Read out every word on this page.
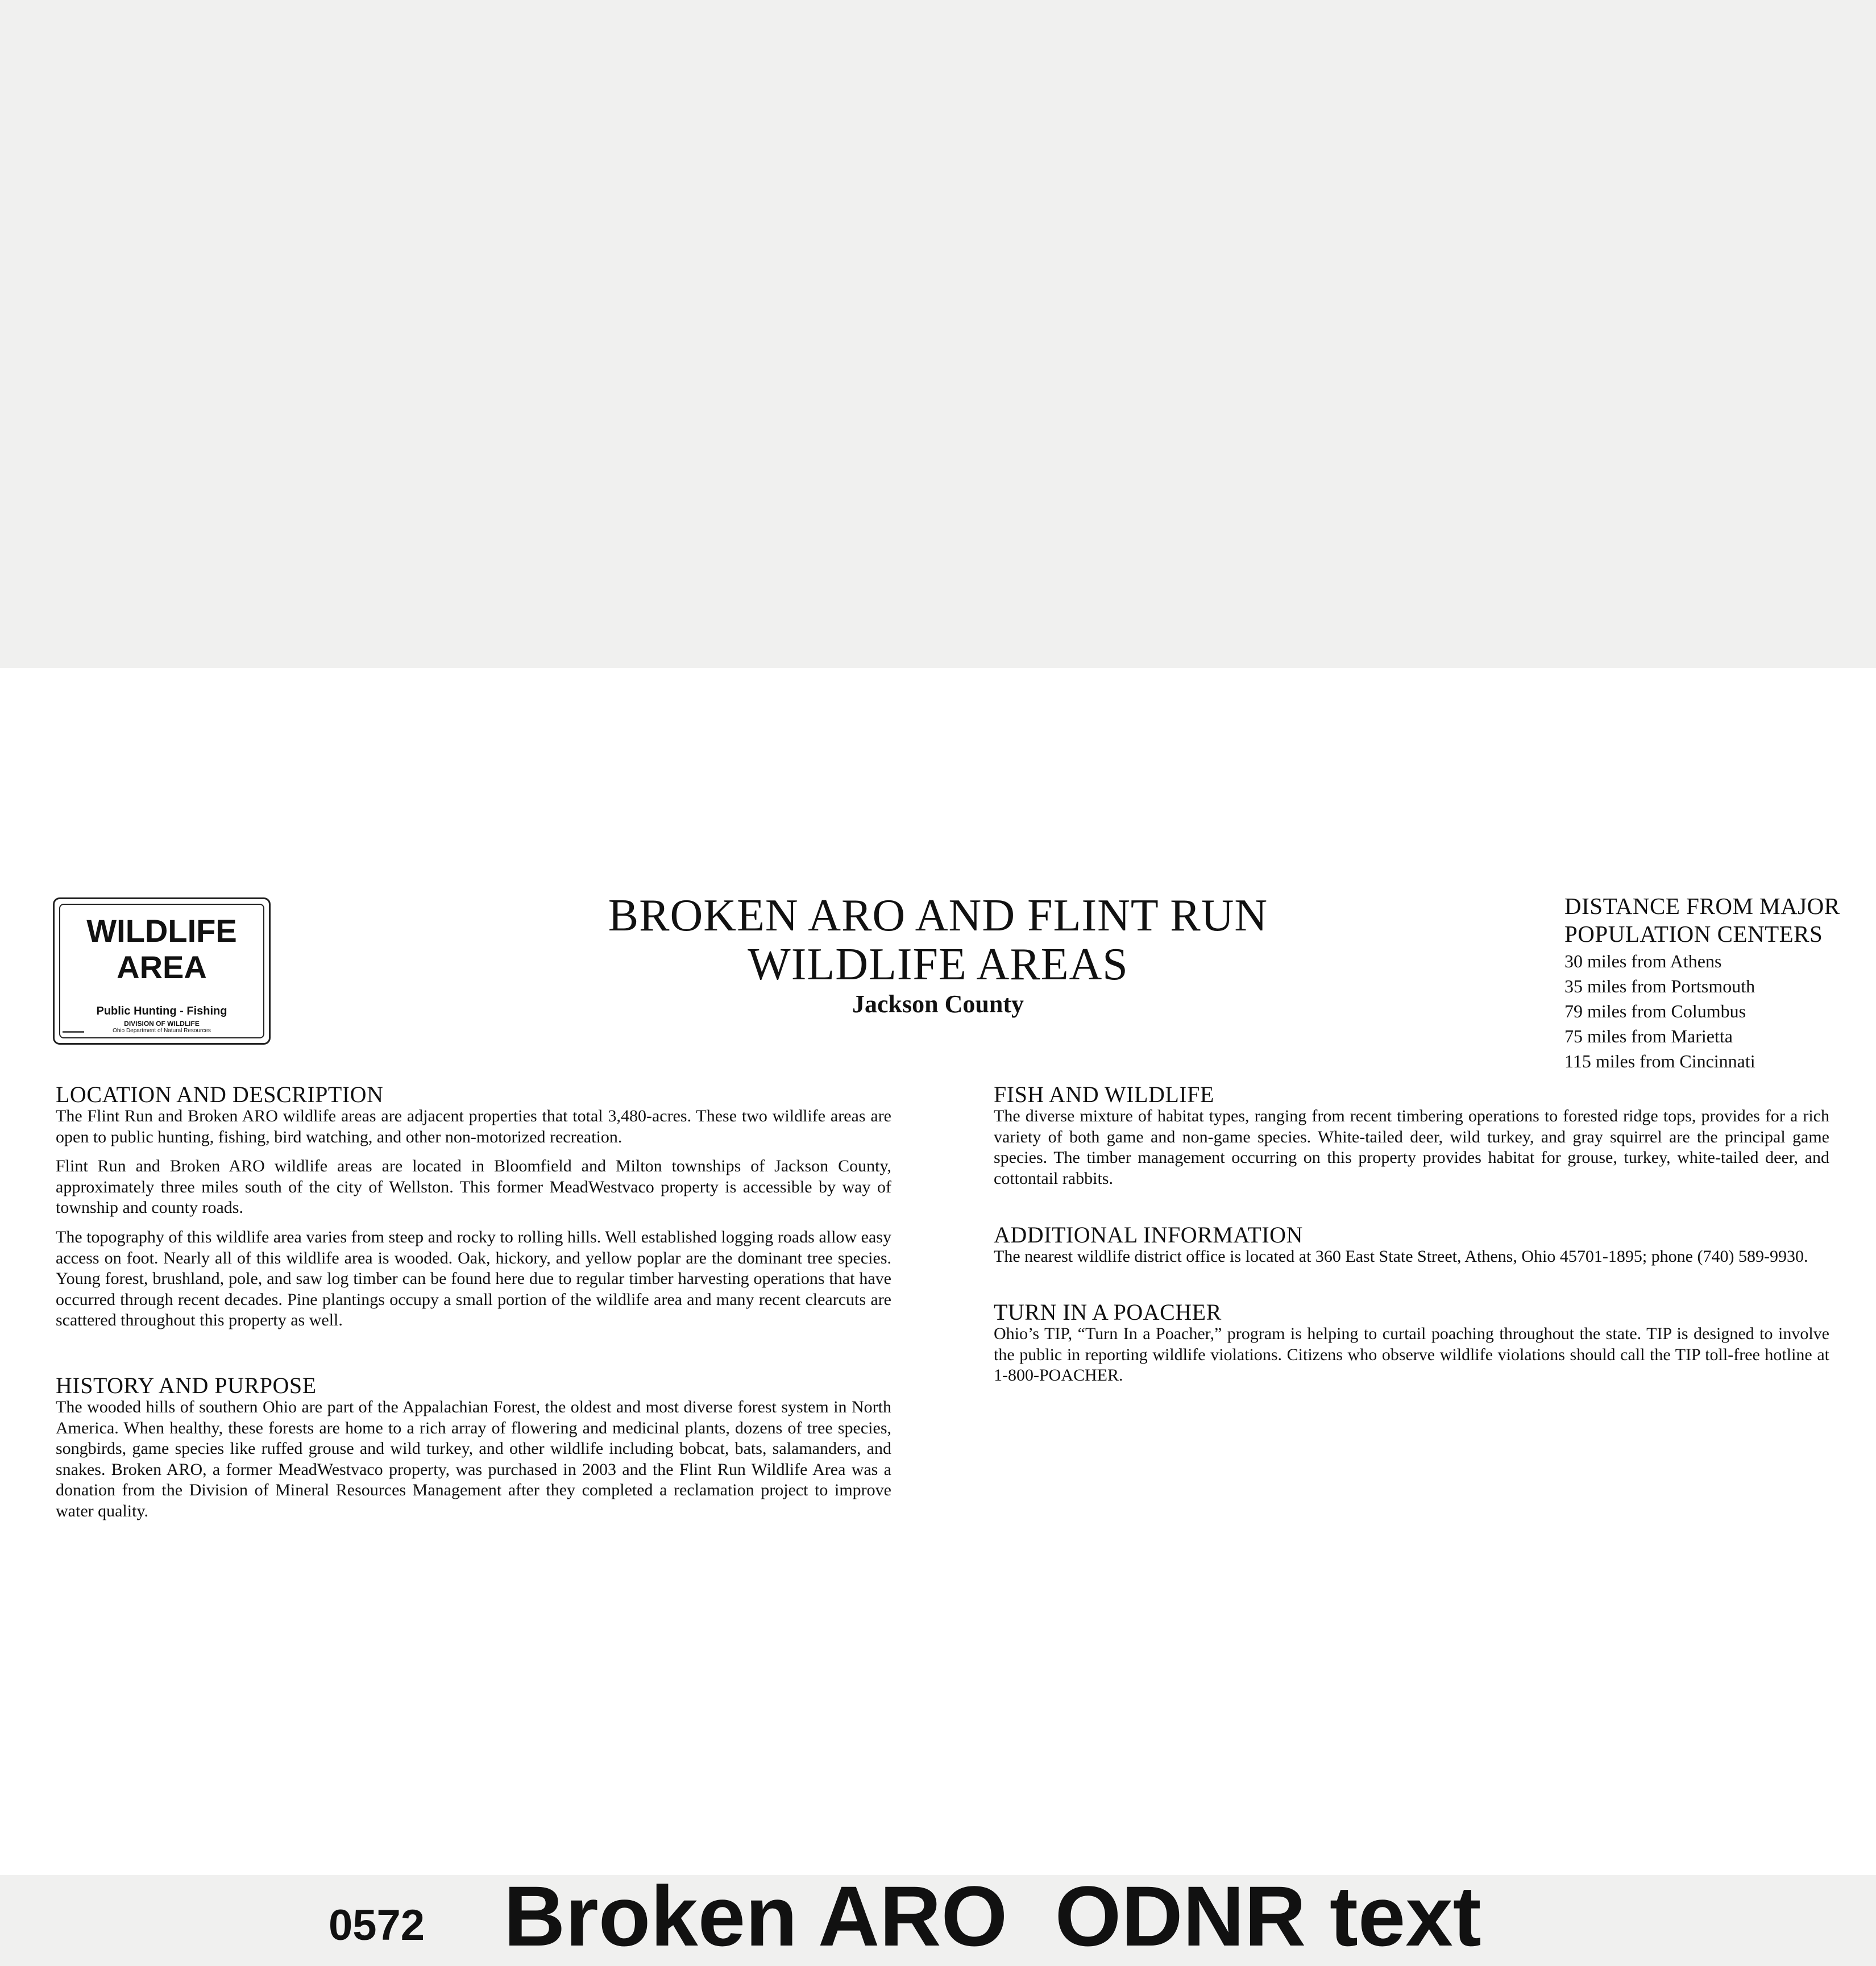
WILDLIFE
AREA
Public Hunting - Fishing
DIVISION OF WILDLIFE
Ohio Department of Natural Resources
BROKEN ARO AND FLINT RUN
WILDLIFE AREAS
Jackson County
DISTANCE FROM MAJOR
POPULATION CENTERS
30 miles from Athens
35 miles from Portsmouth
79 miles from Columbus
75 miles from Marietta
115 miles from Cincinnati
LOCATION AND DESCRIPTION

The Flint Run and Broken ARO wildlife areas are adjacent properties that total 3,480-acres. These two wildlife areas are open to public hunting, fishing, bird watching, and other non-motorized recreation.

Flint Run and Broken ARO wildlife areas are located in Bloomfield and Milton townships of Jackson County, approximately three miles south of the city of Wellston. This former MeadWestvaco property is accessible by way of township and county roads.

The topography of this wildlife area varies from steep and rocky to rolling hills. Well established logging roads allow easy access on foot. Nearly all of this wildlife area is wooded. Oak, hickory, and yellow poplar are the dominant tree species. Young forest, brushland, pole, and saw log timber can be found here due to regular timber harvesting operations that have occurred through recent decades. Pine plantings occupy a small portion of the wildlife area and many recent clearcuts are scattered throughout this property as well.

HISTORY AND PURPOSE

The wooded hills of southern Ohio are part of the Appalachian Forest, the oldest and most diverse forest system in North America. When healthy, these forests are home to a rich array of flowering and medicinal plants, dozens of tree species, songbirds, game species like ruffed grouse and wild turkey, and other wildlife including bobcat, bats, salamanders, and snakes. Broken ARO, a former MeadWestvaco property, was purchased in 2003 and the Flint Run Wildlife Area was a donation from the Division of Mineral Resources Management after they completed a reclamation project to improve water quality.

FISH AND WILDLIFE

The diverse mixture of habitat types, ranging from recent timbering operations to forested ridge tops, provides for a rich variety of both game and non-game species. White-tailed deer, wild turkey, and gray squirrel are the principal game species. The timber management occurring on this property provides habitat for grouse, turkey, white-tailed deer, and cottontail rabbits.

ADDITIONAL INFORMATION

The nearest wildlife district office is located at 360 East State Street, Athens, Ohio 45701-1895; phone (740) 589-9930.

TURN IN A POACHER

Ohio’s TIP, “Turn In a Poacher,” program is helping to curtail poaching throughout the state. TIP is designed to involve the public in reporting wildlife violations. Citizens who observe wildlife violations should call the TIP toll-free hotline at 1-800-POACHER.

0572 Broken ARO  ODNR text
